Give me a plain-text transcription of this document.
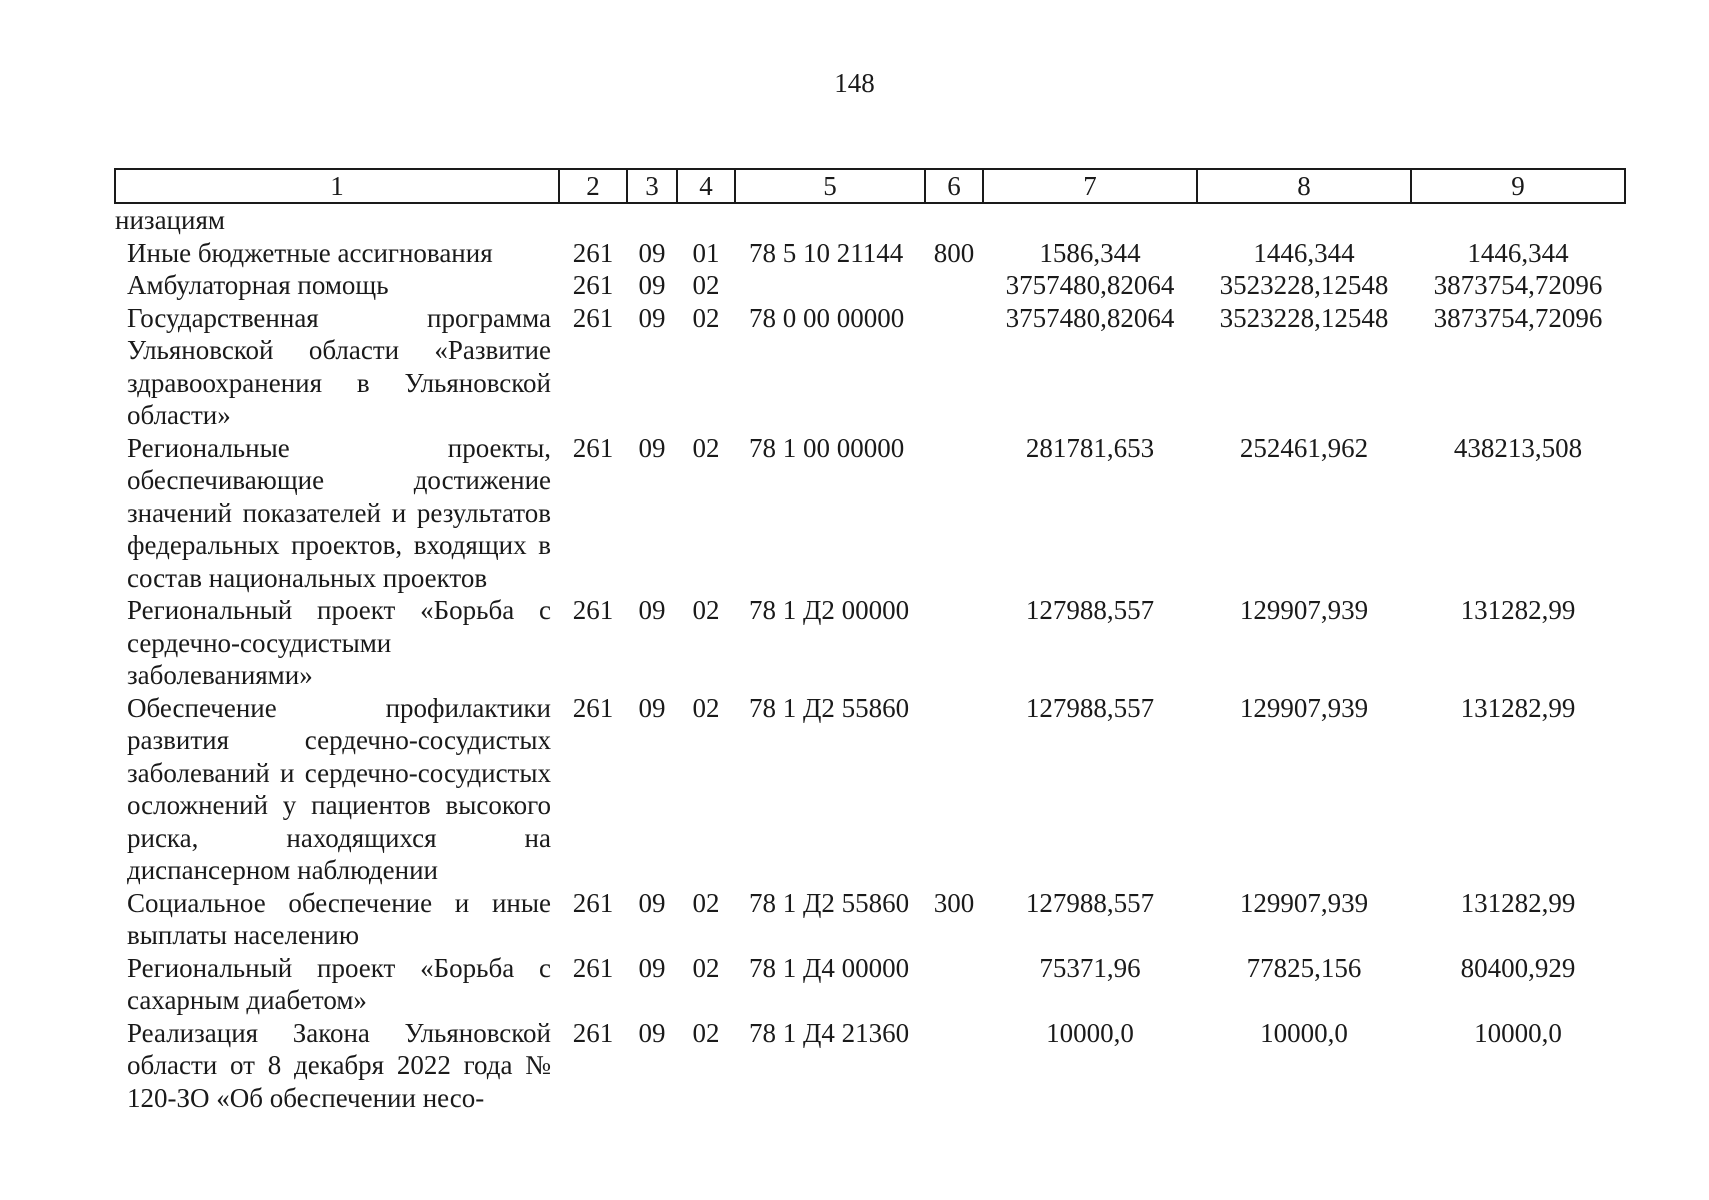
148
1	2	3	4	5	6	7	8	9
низациям								
Иные бюджетные ассигнования	261	09	01	78 5 10 21144	800	1586,344	1446,344	1446,344
Амбулаторная помощь	261	09	02			3757480,82064	3523228,12548	3873754,72096
Государственная программа Ульяновской области «Развитие здравоохранения в Ульяновской области»	261	09	02	78 0 00 00000		3757480,82064	3523228,12548	3873754,72096
Региональные проекты, обеспечивающие достижение значений показателей и результатов федеральных проектов, входящих в состав национальных проектов	261	09	02	78 1 00 00000		281781,653	252461,962	438213,508
Региональный проект «Борьба с сердечно-сосудистыми заболеваниями»	261	09	02	78 1 Д2 00000		127988,557	129907,939	131282,99
Обеспечение профилактики развития сердечно-сосудистых заболеваний и сердечно-сосудистых осложнений у пациентов высокого риска, находящихся на диспансерном наблюдении	261	09	02	78 1 Д2 55860		127988,557	129907,939	131282,99
Социальное обеспечение и иные выплаты населению	261	09	02	78 1 Д2 55860	300	127988,557	129907,939	131282,99
Региональный проект «Борьба с сахарным диабетом»	261	09	02	78 1 Д4 00000		75371,96	77825,156	80400,929
Реализация Закона Ульяновской области от 8 декабря 2022 года № 120-ЗО «Об обеспечении несо-	261	09	02	78 1 Д4 21360		10000,0	10000,0	10000,0
